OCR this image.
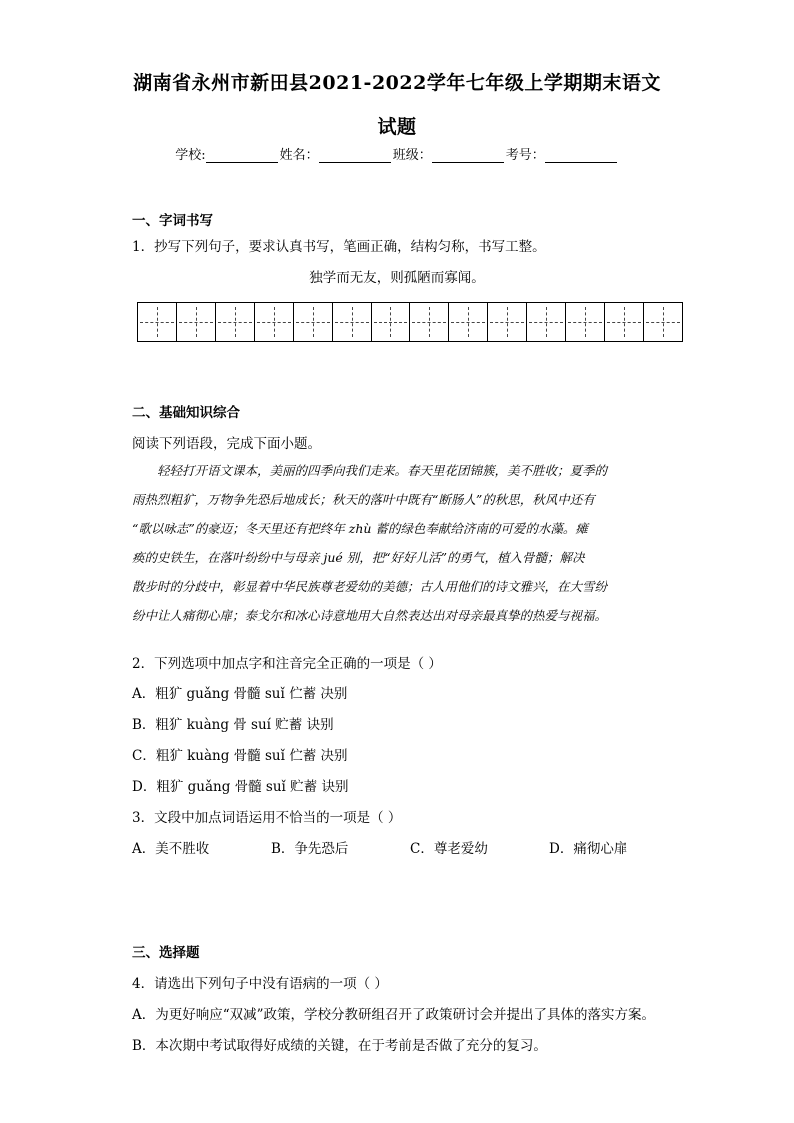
湖南省永州市新田县2021-2022学年七年级上学期期末语文
试题
学校:	姓名：	班级：	考号：
一、字词书写
1．抄写下列句子，要求认真书写，笔画正确，结构匀称，书写工整。
独学而无友，则孤陋而寡闻。
二、基础知识综合
阅读下列语段，完成下面小题。

　　轻轻打开语文课本，美丽的四季向我们走来。春天里花团锦簇，美不胜收；夏季的

雨热烈粗犷，万物争先恐后地成长；秋天的落叶中既有“断肠人”的秋思，秋风中还有

“歌以咏志”的豪迈；冬天里还有把终年 zhù 蓄的绿色奉献给济南的可爱的水藻。瘫

痪的史铁生，在落叶纷纷中与母亲 jué 别，把“好好儿活”的勇气，植入骨髓；解决

散步时的分歧中，彰显着中华民族尊老爱幼的美德；古人用他们的诗文雅兴，在大雪纷

纷中让人痛彻心扉；泰戈尔和冰心诗意地用大自然表达出对母亲最真挚的热爱与视福。

2．下列选项中加点字和注音完全正确的一项是（ ）
A．粗犷 guǎng 骨髓 suǐ 伫蓄 决别
B．粗犷 kuàng 骨 suí 贮蓄 诀别
C．粗犷 kuàng 骨髓 suǐ 伫蓄 决别
D．粗犷 guǎng 骨髓 suǐ 贮蓄 诀别
3．文段中加点词语运用不恰当的一项是（ ）
A．美不胜收	B．争先恐后	C．尊老爱幼	D．痛彻心扉
三、选择题
4．请选出下列句子中没有语病的一项（ ）
A．为更好响应“双减”政策，学校分教研组召开了政策研讨会并提出了具体的落实方案。
B．本次期中考试取得好成绩的关键，在于考前是否做了充分的复习。
